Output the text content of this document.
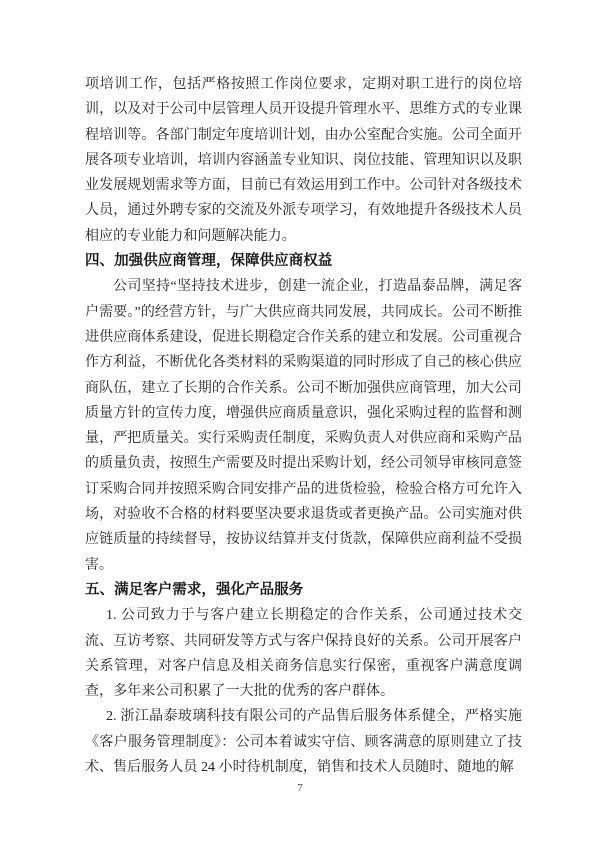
项培训工作，包括严格按照工作岗位要求，定期对职工进行的岗位培训，以及对于公司中层管理人员开设提升管理水平、思维方式的专业课程培训等。各部门制定年度培训计划，由办公室配合实施。公司全面开展各项专业培训，培训内容涵盖专业知识、岗位技能、管理知识以及职业发展规划需求等方面，目前已有效运用到工作中。公司针对各级技术人员，通过外聘专家的交流及外派专项学习，有效地提升各级技术人员相应的专业能力和问题解决能力。

四、加强供应商管理，保障供应商权益

公司坚持“坚持技术进步，创建一流企业，打造晶泰品牌，满足客户需要。”的经营方针，与广大供应商共同发展，共同成长。公司不断推进供应商体系建设，促进长期稳定合作关系的建立和发展。公司重视合作方利益，不断优化各类材料的采购渠道的同时形成了自己的核心供应商队伍，建立了长期的合作关系。公司不断加强供应商管理，加大公司质量方针的宣传力度，增强供应商质量意识，强化采购过程的监督和测量，严把质量关。实行采购责任制度，采购负责人对供应商和采购产品的质量负责，按照生产需要及时提出采购计划，经公司领导审核同意签订采购合同并按照采购合同安排产品的进货检验，检验合格方可允许入场，对验收不合格的材料要坚决要求退货或者更换产品。公司实施对供应链质量的持续督导，按协议结算并支付货款，保障供应商利益不受损害。

五、满足客户需求，强化产品服务

1. 公司致力于与客户建立长期稳定的合作关系，公司通过技术交流、互访考察、共同研发等方式与客户保持良好的关系。公司开展客户关系管理，对客户信息及相关商务信息实行保密，重视客户满意度调查，多年来公司积累了一大批的优秀的客户群体。

2. 浙江晶泰玻璃科技有限公司的产品售后服务体系健全，严格实施《客户服务管理制度》：公司本着诚实守信、顾客满意的原则建立了技术、售后服务人员 24 小时待机制度，销售和技术人员随时、随地的解

7
